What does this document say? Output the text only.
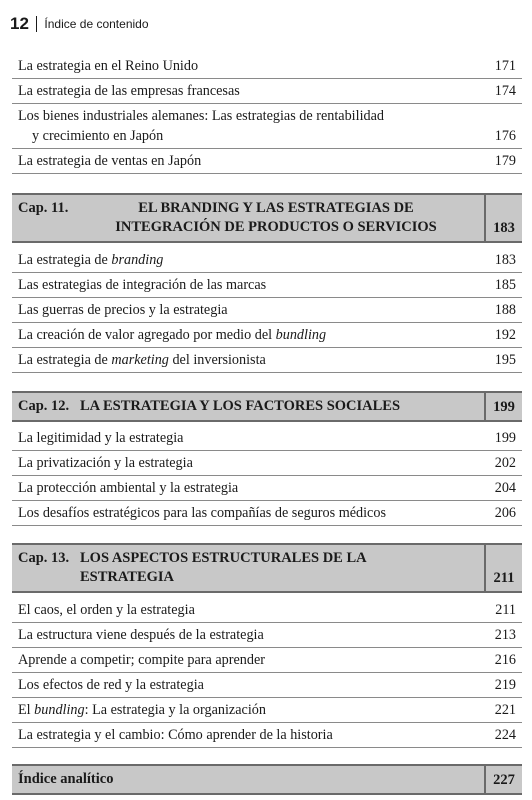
12 Índice de contenido
La estrategia en el Reino Unido	171
La estrategia de las empresas francesas	174
Los bienes industriales alemanes: Las estrategias de rentabilidad
y crecimiento en Japón	176
La estrategia de ventas en Japón	179
Cap. 11.	EL BRANDING Y LAS ESTRATEGIAS DE
INTEGRACIÓN DE PRODUCTOS O SERVICIOS	183
La estrategia de branding	183
Las estrategias de integración de las marcas	185
Las guerras de precios y la estrategia	188
La creación de valor agregado por medio del bundling	192
La estrategia de marketing del inversionista	195
Cap. 12. LA ESTRATEGIA Y LOS FACTORES SOCIALES	199
La legitimidad y la estrategia	199
La privatización y la estrategia	202
La protección ambiental y la estrategia	204
Los desafíos estratégicos para las compañías de seguros médicos	206
Cap. 13. LOS ASPECTOS ESTRUCTURALES DE LA
ESTRATEGIA	211
El caos, el orden y la estrategia	211
La estructura viene después de la estrategia	213
Aprende a competir; compite para aprender	216
Los efectos de red y la estrategia	219
El bundling: La estrategia y la organización	221
La estrategia y el cambio: Cómo aprender de la historia	224
Índice analítico	227
